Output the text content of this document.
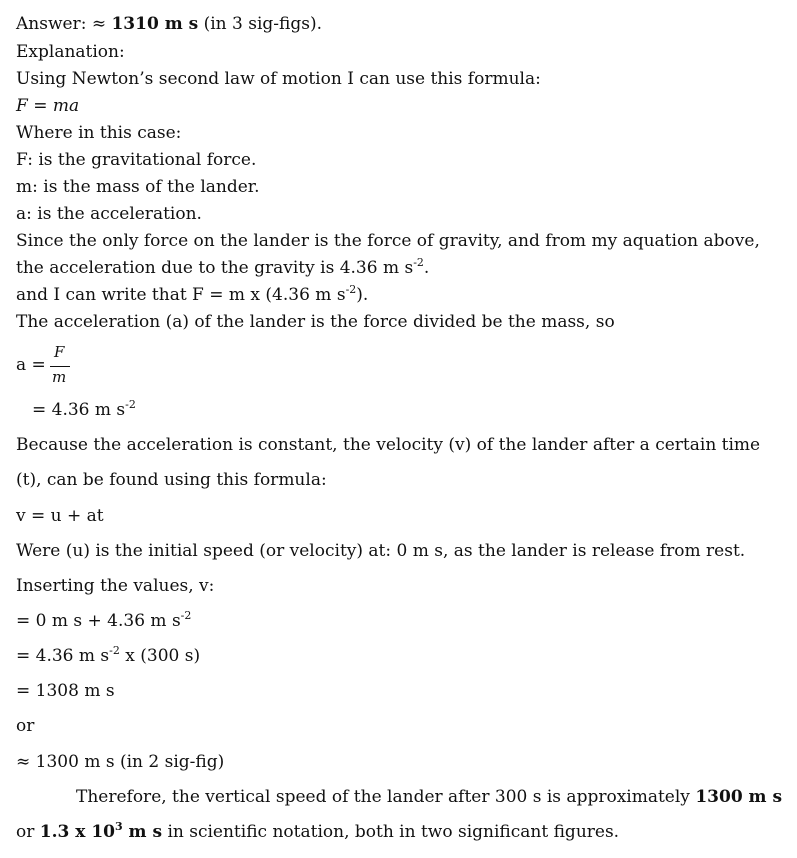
Answer: ≈ 1310 m s (in 3 sig-figs).
Explanation:
Using Newton’s second law of motion I can use this formula:
F = ma
Where in this case:
F: is the gravitational force.
m: is the mass of the lander.
a: is the acceleration.
Since the only force on the lander is the force of gravity, and from my aquation above,
the acceleration due to the gravity is 4.36 m $s^{-2}$.
and I can write that F = m x (4.36 m $s^{-2}$).
The acceleration (a) of the lander is the force divided be the mass, so
a =
F
m
= 4.36 m $s^{-2}$
Because the acceleration is constant, the velocity (v) of the lander after a certain time
(t), can be found using this formula:
v = u + at
Were (u) is the initial speed (or velocity) at: 0 m s, as the lander is release from rest.
Inserting the values, v:
= 0 m s + 4.36 m $s^{-2}$
= 4.36 m $s^{-2}$ x (300 s)
= 1308 m s
or
≈ 1300 m s (in 2 sig-fig)
Therefore, the vertical speed of the lander after 300 s is approximately 1300 m s
or 1.3 x $10^3$ m s in scientific notation, both in two significant figures.
